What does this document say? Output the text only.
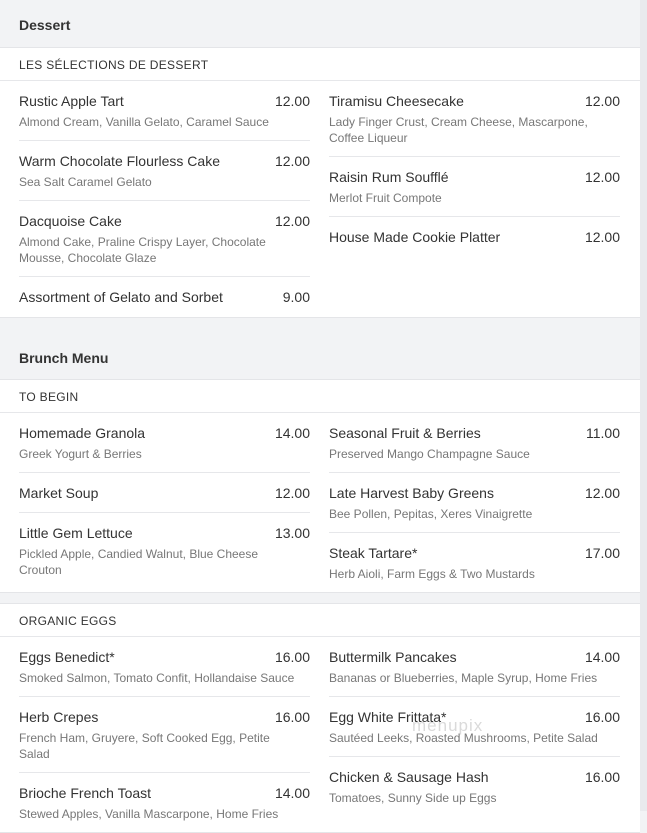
Dessert
LES SÉLECTIONS DE DESSERT
Rustic Apple Tart	12.00
Almond Cream, Vanilla Gelato, Caramel Sauce
Warm Chocolate Flourless Cake	12.00
Sea Salt Caramel Gelato
Dacquoise Cake	12.00
Almond Cake, Praline Crispy Layer, Chocolate Mousse, Chocolate Glaze
Assortment of Gelato and Sorbet	9.00
Tiramisu Cheesecake	12.00
Lady Finger Crust, Cream Cheese, Mascarpone, Coffee Liqueur
Raisin Rum Soufflé	12.00
Merlot Fruit Compote
House Made Cookie Platter	12.00
Brunch Menu
TO BEGIN
Homemade Granola	14.00
Greek Yogurt & Berries
Market Soup	12.00
Little Gem Lettuce	13.00
Pickled Apple, Candied Walnut, Blue Cheese Crouton
Seasonal Fruit & Berries	11.00
Preserved Mango Champagne Sauce
Late Harvest Baby Greens	12.00
Bee Pollen, Pepitas, Xeres Vinaigrette
Steak Tartare*	17.00
Herb Aioli, Farm Eggs & Two Mustards
ORGANIC EGGS
Eggs Benedict*	16.00
Smoked Salmon, Tomato Confit, Hollandaise Sauce
Herb Crepes	16.00
French Ham, Gruyere, Soft Cooked Egg, Petite Salad
Brioche French Toast	14.00
Stewed Apples, Vanilla Mascarpone, Home Fries
Buttermilk Pancakes	14.00
Bananas or Blueberries, Maple Syrup, Home Fries
Egg White Frittata*	16.00
Sautéed Leeks, Roasted Mushrooms, Petite Salad
Chicken & Sausage Hash	16.00
Tomatoes, Sunny Side up Eggs
menupix
